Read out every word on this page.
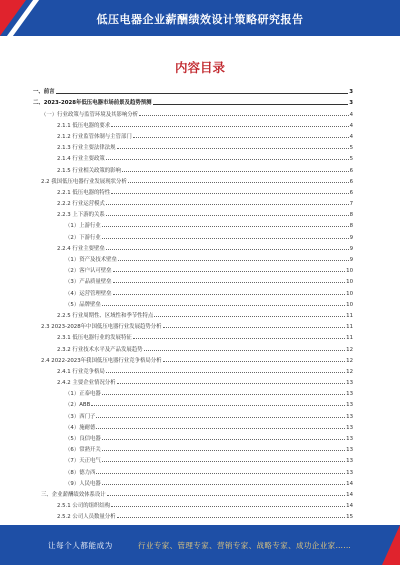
低压电器企业薪酬绩效设计策略研究报告
内容目录
一、前言	3
二、2023-2028年低压电器市场前景及趋势预测	3
（一）行业政策与监管环境及其影响分析	4
2.1.1 低压电器的要求	4
2.1.2 行业监管体制与主管部门	4
2.1.3 行业主要法律法规	5
2.1.4 行业主要政策	5
2.1.5 行业相关政策的影响	6
2.2 我国低压电器行业发展现状分析	6
2.2.1 低压电器的特性	6
2.2.2 行业运营模式	7
2.2.3 上下游的关系	8
（1）上游行业	8
（2）下游行业	9
2.2.4 行业主要壁垒	9
（1）资产及技术壁垒	9
（2）客户认可壁垒	10
（3）产品质量壁垒	10
（4）运营管理壁垒	10
（5）品牌壁垒	10
2.2.5 行业周期性、区域性和季节性特点	11
2.3 2023-2028年中国低压电器行业发展趋势分析	11
2.3.1 低压电器行业的发展特征	11
2.3.2 行业技术水平及产品发展趋势	12
2.4 2022-2023年我国低压电器行业竞争格局分析	12
2.4.1 行业竞争格局	12
2.4.2 主要企业情况分析	13
（1）正泰电器	13
（2）ABB	13
（3）西门子	13
（4）施耐德	13
（5）良信电器	13
（6）常熟开关	13
（7）天正电气	13
（8）德力西	13
（9）人民电器	14
三、企业薪酬绩效体系设计	14
2.5.1 公司的组织结构	14
2.5.2 公司人员数量分析	15
让每个人都能成为	行业专家、管理专家、营销专家、战略专家、成功企业家……
